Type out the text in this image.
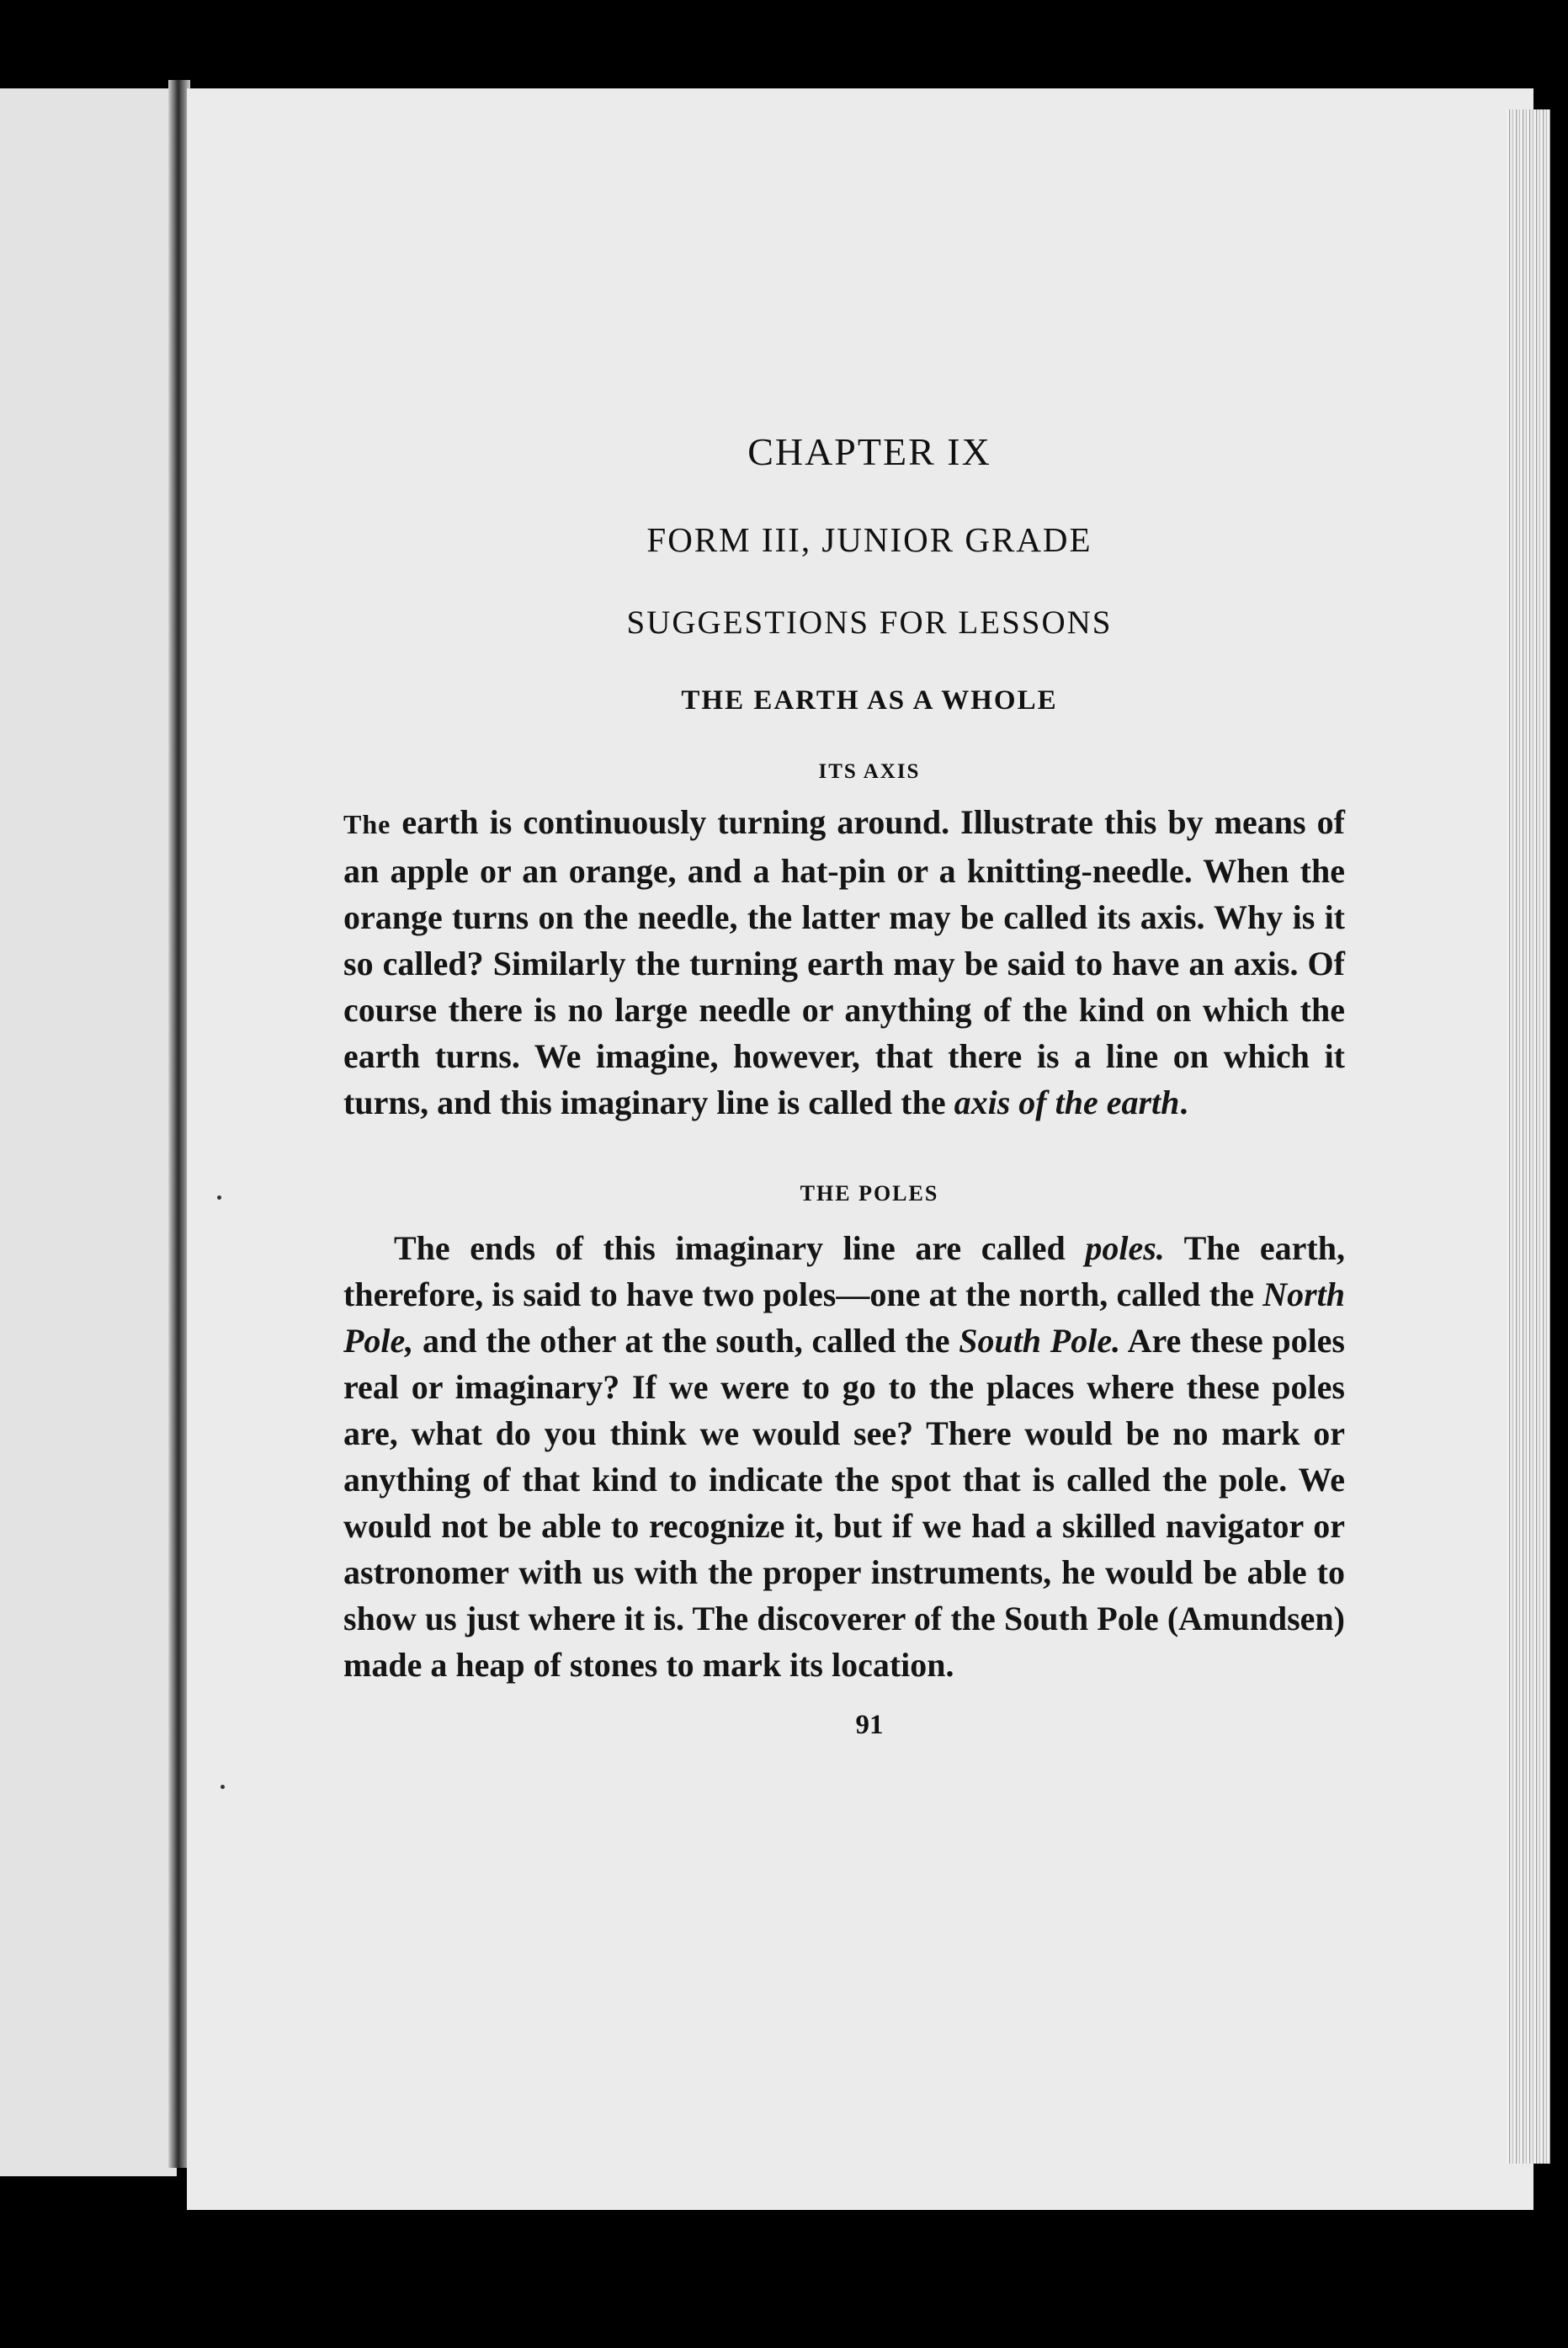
CHAPTER IX
FORM III, JUNIOR GRADE
SUGGESTIONS FOR LESSONS
THE EARTH AS A WHOLE
ITS AXIS

The earth is continuously turning around. Illustrate this by means of an apple or an orange, and a hat-pin or a knitting-needle. When the orange turns on the needle, the latter may be called its axis. Why is it so called? Similarly the turning earth may be said to have an axis. Of course there is no large needle or anything of the kind on which the earth turns. We imagine, however, that there is a line on which it turns, and this imaginary line is called the axis of the earth.

THE POLES

The ends of this imaginary line are called poles. The earth, therefore, is said to have two poles—one at the north, called the North Pole, and the other at the south, called the South Pole. Are these poles real or imaginary? If we were to go to the places where these poles are, what do you think we would see? There would be no mark or anything of that kind to indicate the spot that is called the pole. We would not be able to recognize it, but if we had a skilled navigator or astronomer with us with the proper instruments, he would be able to show us just where it is. The discoverer of the South Pole (Amundsen) made a heap of stones to mark its location.

91
